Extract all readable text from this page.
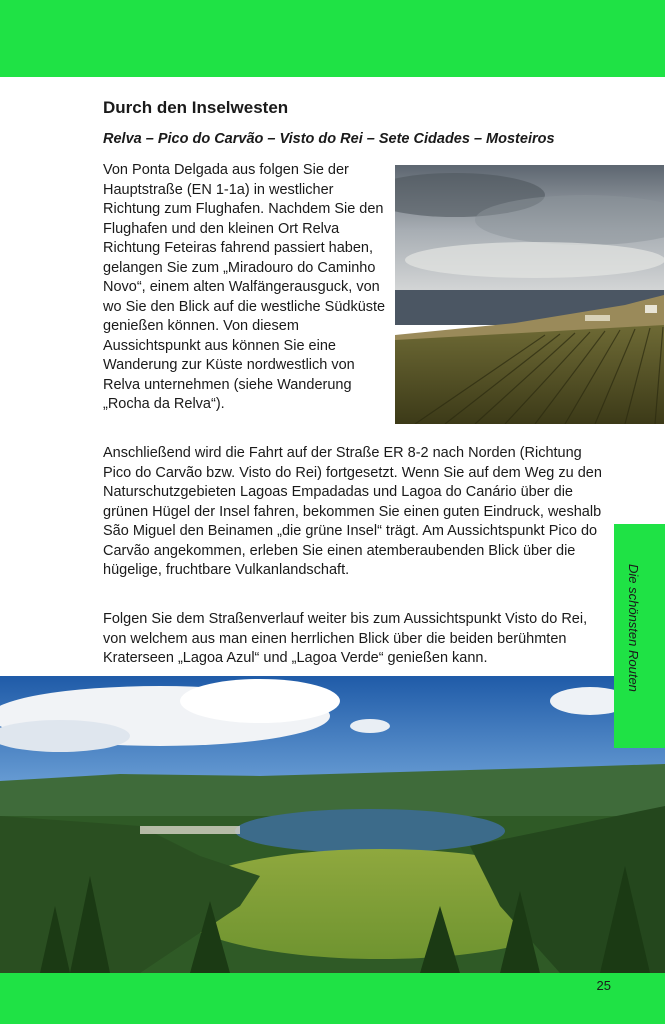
Durch den Inselwesten

Relva – Pico do Carvão – Visto do Rei – Sete Cidades – Mosteiros

Von Ponta Delgada aus folgen Sie der Hauptstraße (EN 1-1a) in westlicher Richtung zum Flughafen. Nachdem Sie den Flughafen und den kleinen Ort Relva Richtung Feteiras fahrend passiert haben, gelangen Sie zum „Miradouro do Caminho Novo“, einem alten Walfängerausguck, von wo Sie den Blick auf die westliche Südküste genießen können. Von diesem Aussichtspunkt aus können Sie eine Wanderung zur Küste nordwestlich von Relva unternehmen (siehe Wanderung „Rocha da Relva“).

Anschließend wird die Fahrt auf der Straße ER 8-2 nach Norden (Richtung Pico do Carvão bzw. Visto do Rei) fortgesetzt. Wenn Sie auf dem Weg zu den Naturschutzgebieten Lagoas Empadadas und Lagoa do Canário über die grünen Hügel der Insel fahren, bekommen Sie einen guten Eindruck, weshalb São Miguel den Beinamen „die grüne Insel“ trägt. Am Aussichtspunkt Pico do Carvão angekommen, erleben Sie einen atemberaubenden Blick über die hügelige, fruchtbare Vulkanlandschaft.

Folgen Sie dem Straßenverlauf weiter bis zum Aussichtspunkt Visto do Rei, von welchem aus man einen herrlichen Blick über die beiden berühmten Kraterseen „Lagoa Azul“ und „Lagoa Verde“ genießen kann.	Die schönsten Routen
25
